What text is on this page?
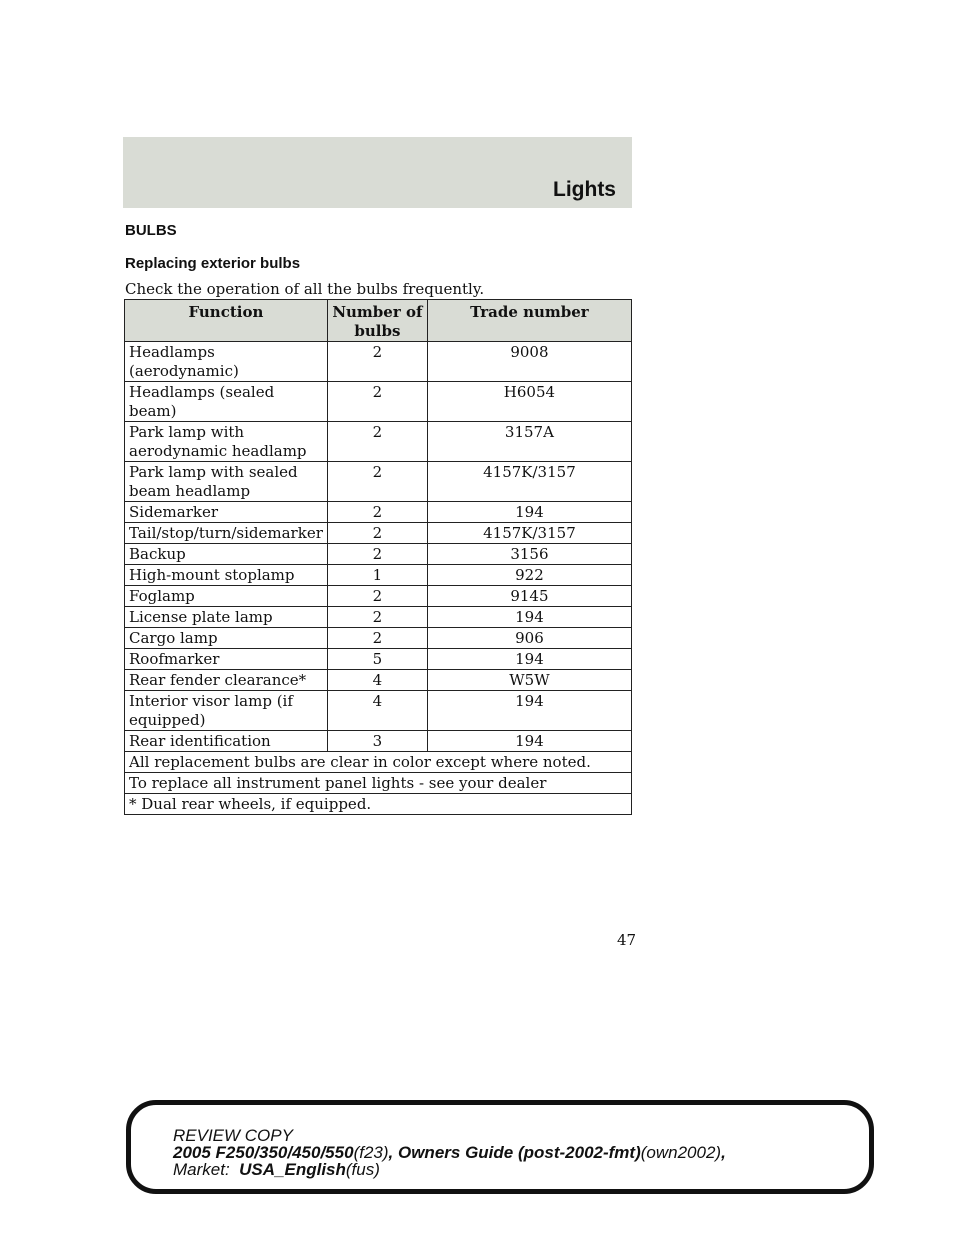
Lights
BULBS
Replacing exterior bulbs
Check the operation of all the bulbs frequently.
Function	Number of bulbs	Trade number
Headlamps (aerodynamic)	2	9008
Headlamps (sealed beam)	2	H6054
Park lamp with aerodynamic headlamp	2	3157A
Park lamp with sealed beam headlamp	2	4157K/3157
Sidemarker	2	194
Tail/stop/turn/sidemarker	2	4157K/3157
Backup	2	3156
High-mount stoplamp	1	922
Foglamp	2	9145
License plate lamp	2	194
Cargo lamp	2	906
Roofmarker	5	194
Rear fender clearance*	4	W5W
Interior visor lamp (if equipped)	4	194
Rear identification	3	194
All replacement bulbs are clear in color except where noted.		
To replace all instrument panel lights - see your dealer		
* Dual rear wheels, if equipped.		
47
REVIEW COPY
2005 F250/350/450/550(f23), Owners Guide (post-2002-fmt)(own2002),
Market: USA_English(fus)
